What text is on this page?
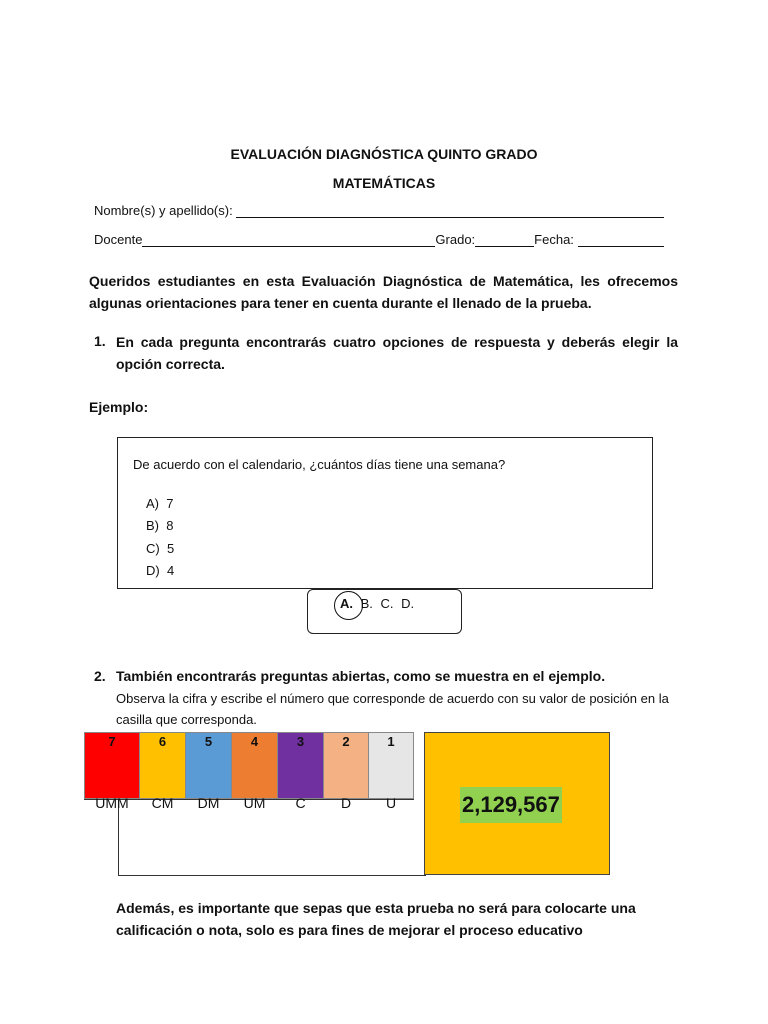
EVALUACIÓN DIAGNÓSTICA QUINTO GRADO
MATEMÁTICAS
Nombre(s) y apellido(s):
Docente	Grado:	Fecha:
Queridos estudiantes en esta Evaluación Diagnóstica de Matemática, les ofrecemos algunas orientaciones para tener en cuenta durante el llenado de la prueba.
1. En cada pregunta encontrarás cuatro opciones de respuesta y deberás elegir la opción correcta.
Ejemplo:
De acuerdo con el calendario, ¿cuántos días tiene una semana?
A) 7
B) 8
C) 5
D) 4
A. B. C. D.
2. También encontrarás preguntas abiertas, como se muestra en el ejemplo.
Observa la cifra y escribe el número que corresponde de acuerdo con su valor de posición en la casilla que corresponda.
7	6	5	4	3	2	1
UMM	CM	DM	UM	C	D	U	2,129,567
Además, es importante que sepas que esta prueba no será para colocarte una calificación o nota, solo es para fines de mejorar el proceso educativo
